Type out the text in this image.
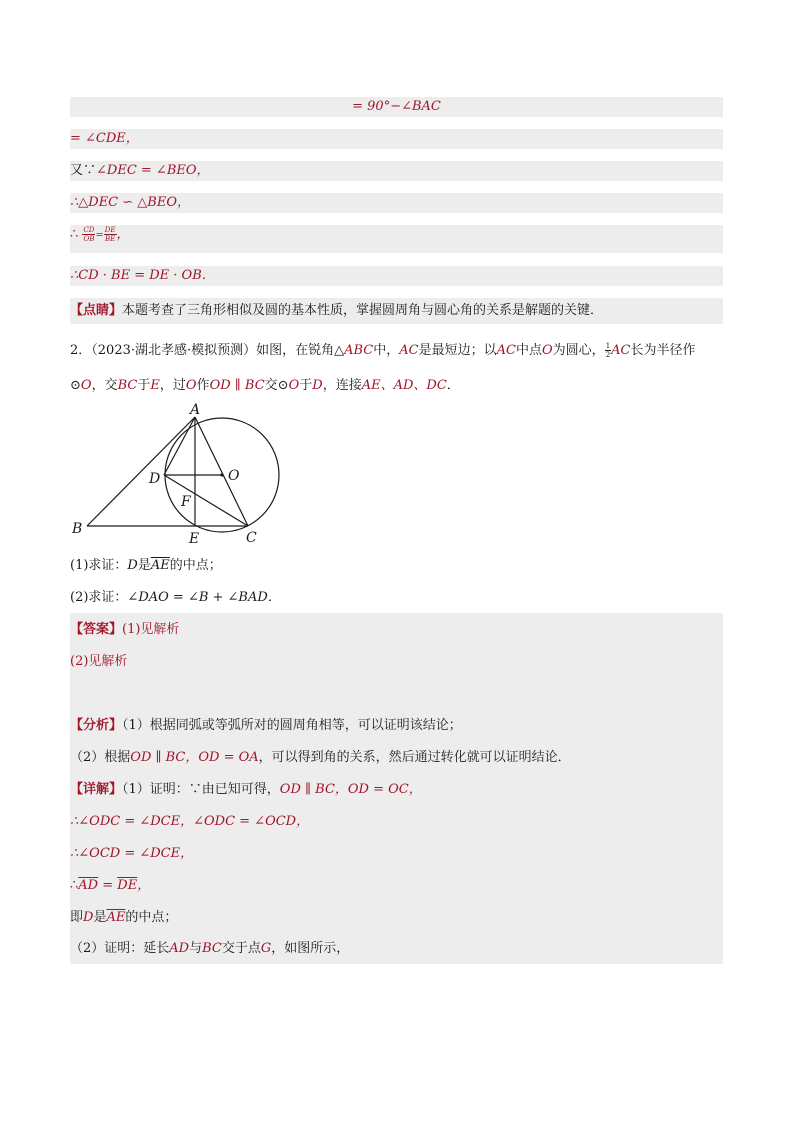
= 90°−∠BAC
= ∠CDE，
又∵∠DEC = ∠BEO，
∴△DEC ∽ △BEO，
∴ $\frac{CD}{OB} = \frac{DE}{BE}$ ，
∴CD · BE = DE · OB．
【点睛】本题考查了三角形相似及圆的基本性质，掌握圆周角与圆心角的关系是解题的关键．
2．（2023·湖北孝感·模拟预测）如图，在锐角△ABC中，AC是最短边；以AC中点O为圆心， $\frac{1}{2}$ AC长为半径作
⊙O，交BC于E，过O作OD ∥ BC交⊙O于D，连接AE、AD、DC．
A
B
C
D
E
F
O
(1)求证：D是$\overline{AE}$的中点；
(2)求证：∠DAO = ∠B + ∠BAD．
【答案】(1)见解析
(2)见解析
【分析】（1）根据同弧或等弧所对的圆周角相等，可以证明该结论；
（2）根据OD ∥ BC，OD = OA，可以得到角的关系，然后通过转化就可以证明结论．
【详解】（1）证明：∵由已知可得，OD ∥ BC，OD = OC，
∴∠ODC = ∠DCE，∠ODC = ∠OCD，
∴∠OCD = ∠DCE，
$\therefore\overline{AD} = \overline{DE}$，
即D是$\overline{AE}$的中点；
（2）证明：延长AD与BC交于点G，如图所示，
